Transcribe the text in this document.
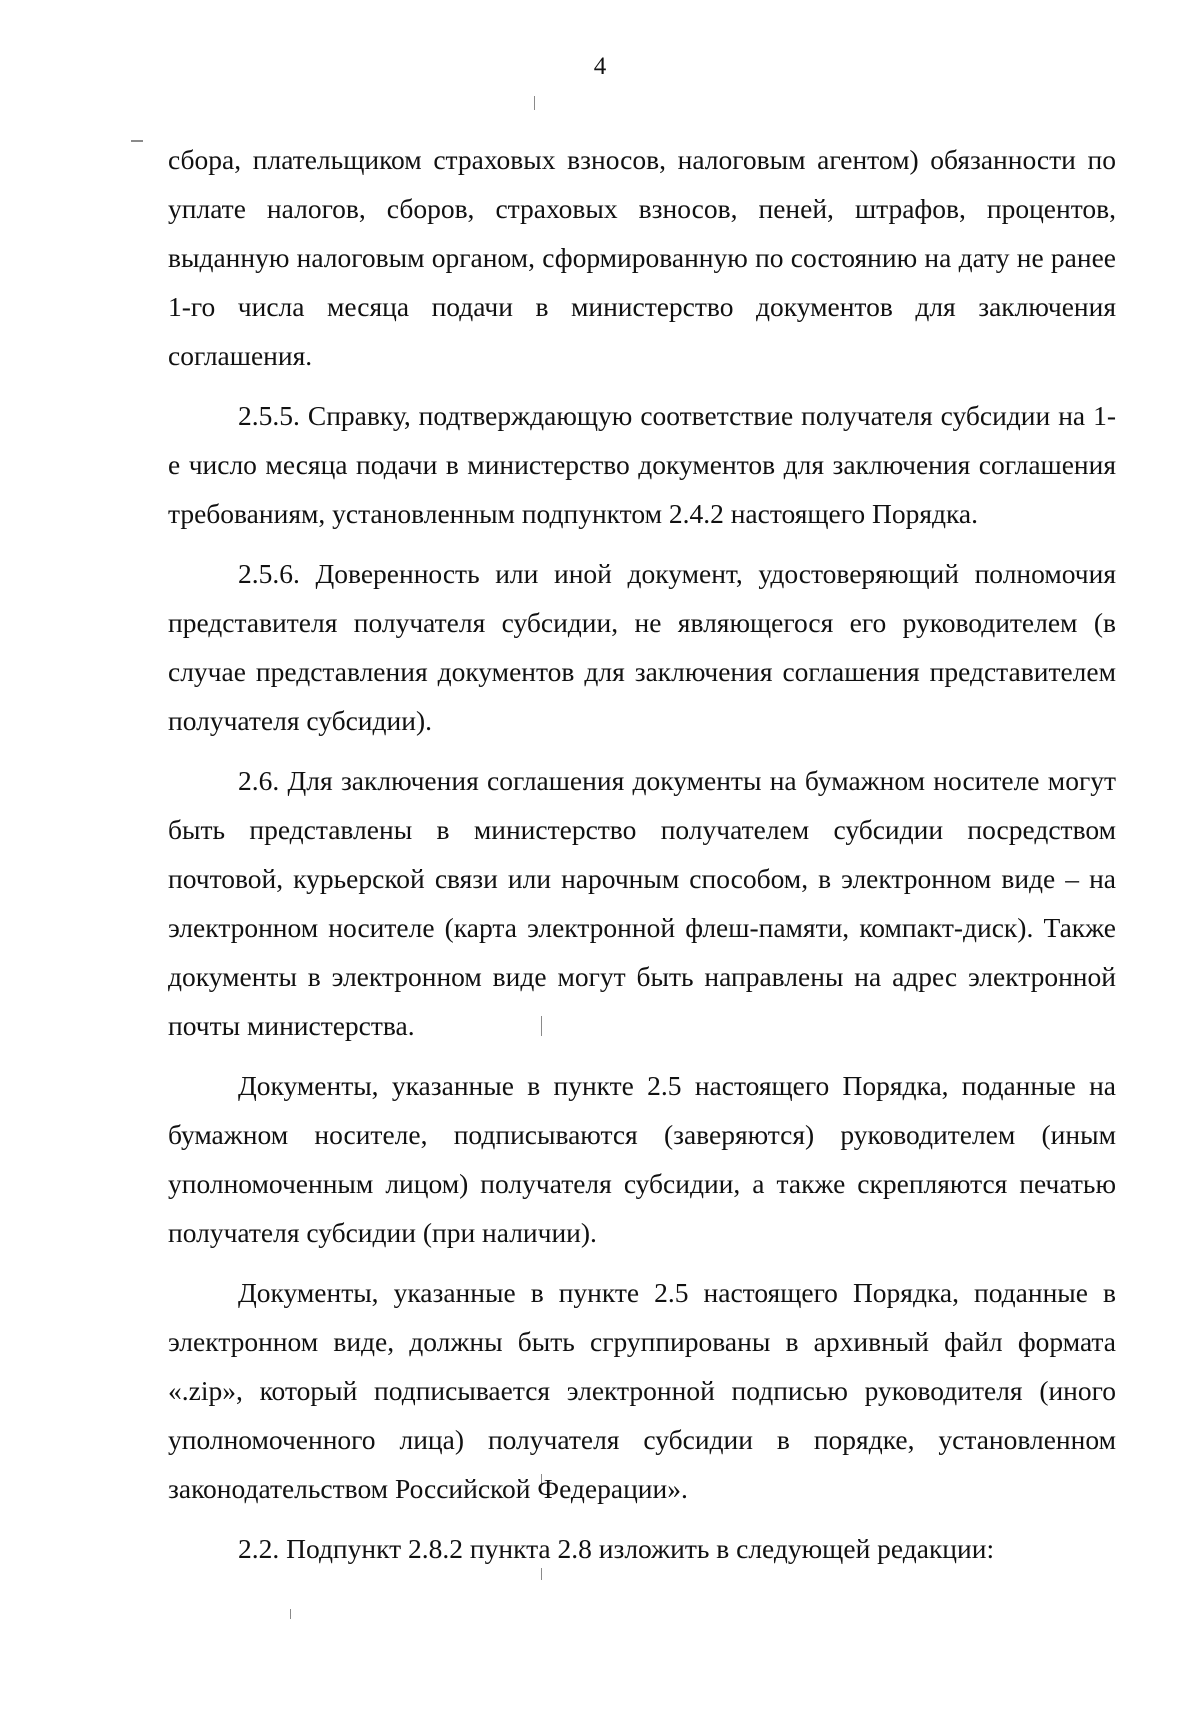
4

сбора, плательщиком страховых взносов, налоговым агентом) обязанности по уплате налогов, сборов, страховых взносов, пеней, штрафов, процентов, выданную налоговым органом, сформированную по состоянию на дату не ранее 1-го числа месяца подачи в министерство документов для заключения соглашения.

2.5.5. Справку, подтверждающую соответствие получателя субсидии на 1-е число месяца подачи в министерство документов для заключения соглашения требованиям, установленным подпунктом 2.4.2 настоящего Порядка.

2.5.6. Доверенность или иной документ, удостоверяющий полномочия представителя получателя субсидии, не являющегося его руководителем (в случае представления документов для заключения соглашения представителем получателя субсидии).

2.6. Для заключения соглашения документы на бумажном носителе могут быть представлены в министерство получателем субсидии посредством почтовой, курьерской связи или нарочным способом, в электронном виде – на электронном носителе (карта электронной флеш-памяти, компакт-диск). Также документы в электронном виде могут быть направлены на адрес электронной почты министерства.

Документы, указанные в пункте 2.5 настоящего Порядка, поданные на бумажном носителе, подписываются (заверяются) руководителем (иным уполномоченным лицом) получателя субсидии, а также скрепляются печатью получателя субсидии (при наличии).

Документы, указанные в пункте 2.5 настоящего Порядка, поданные в электронном виде, должны быть сгруппированы в архивный файл формата «.zip», который подписывается электронной подписью руководителя (иного уполномоченного лица) получателя субсидии в порядке, установленном законодательством Российской Федерации».

2.2. Подпункт 2.8.2 пункта 2.8 изложить в следующей редакции:
